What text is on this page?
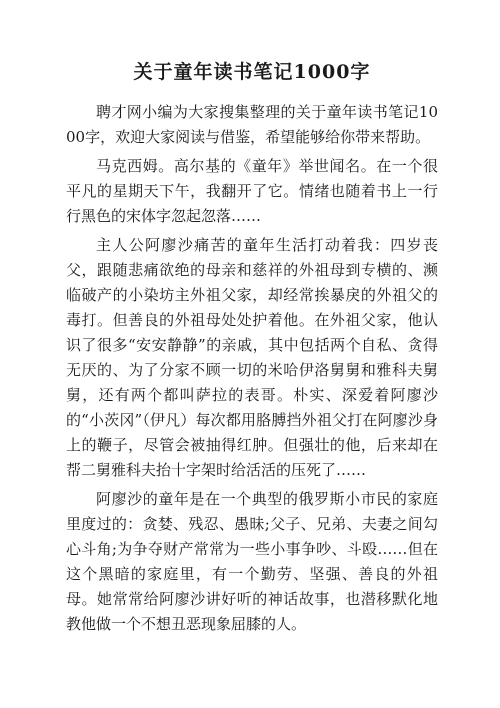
关于童年读书笔记1000字

聘才网小编为大家搜集整理的关于童年读书笔记1000字，欢迎大家阅读与借鉴，希望能够给你带来帮助。

马克西姆。高尔基的《童年》举世闻名。在一个很平凡的星期天下午，我翻开了它。情绪也随着书上一行行黑色的宋体字忽起忽落……

主人公阿廖沙痛苦的童年生活打动着我：四岁丧父，跟随悲痛欲绝的母亲和慈祥的外祖母到专横的、濒临破产的小染坊主外祖父家，却经常挨暴戾的外祖父的毒打。但善良的外祖母处处护着他。在外祖父家，他认识了很多“安安静静”的亲戚，其中包括两个自私、贪得无厌的、为了分家不顾一切的米哈伊洛舅舅和雅科夫舅舅，还有两个都叫萨拉的表哥。朴实、深爱着阿廖沙的“小茨冈”（伊凡）每次都用胳膊挡外祖父打在阿廖沙身上的鞭子，尽管会被抽得红肿。但强壮的他，后来却在帮二舅雅科夫抬十字架时给活活的压死了……

阿廖沙的童年是在一个典型的俄罗斯小市民的家庭里度过的：贪婪、残忍、愚昧;父子、兄弟、夫妻之间勾心斗角;为争夺财产常常为一些小事争吵、斗殴……但在这个黑暗的家庭里，有一个勤劳、坚强、善良的外祖母。她常常给阿廖沙讲好听的神话故事，也潜移默化地教他做一个不想丑恶现象屈膝的人。
